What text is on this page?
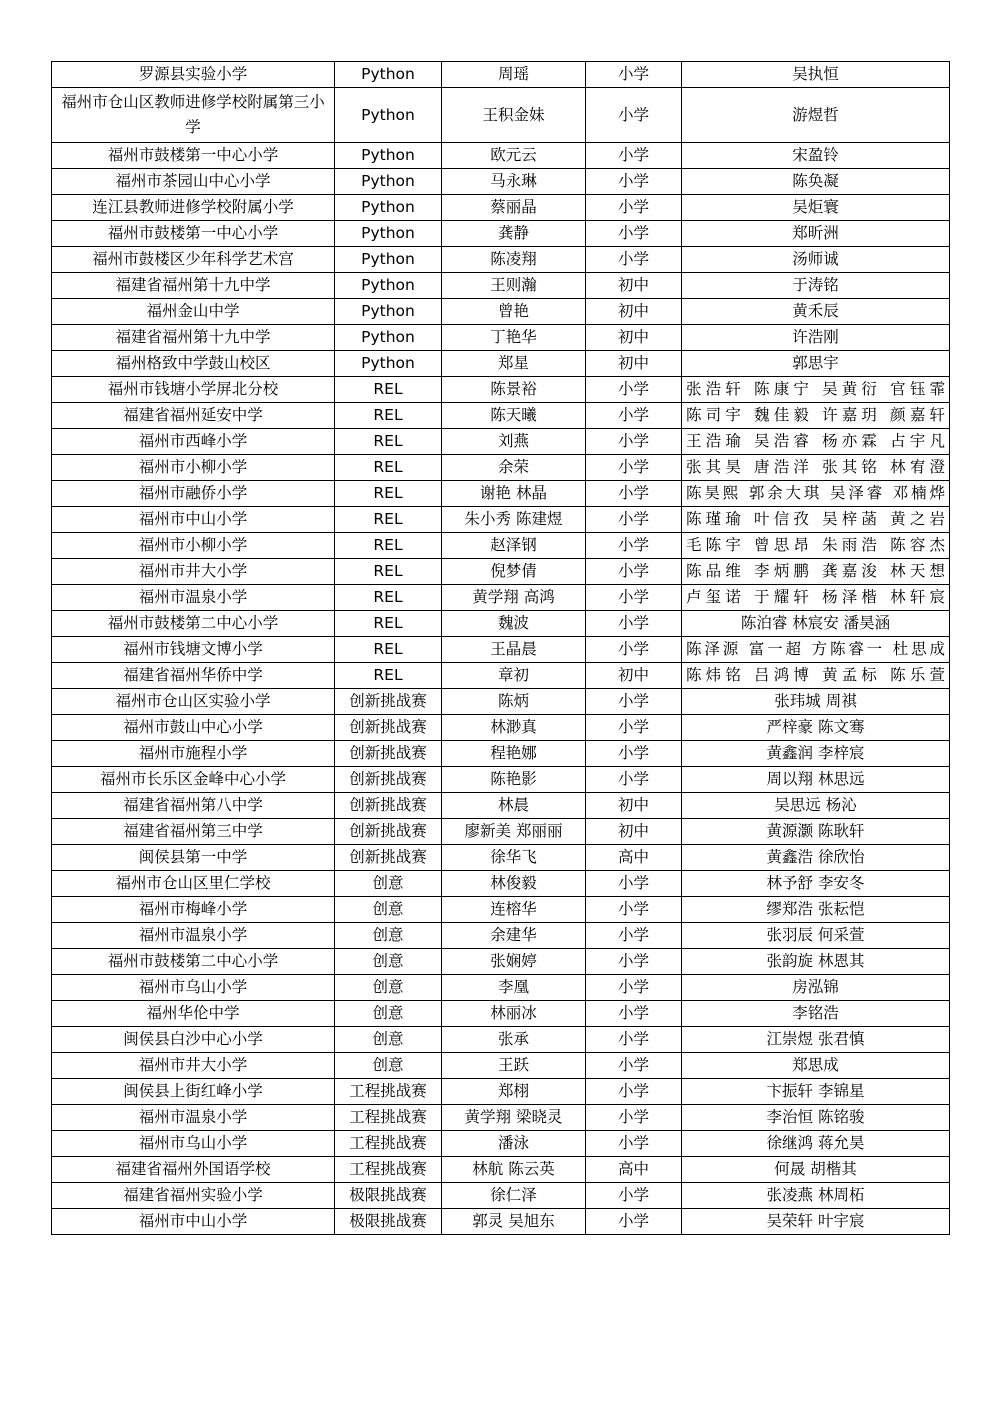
罗源县实验小学	Python	周瑶	小学	吴执恒
福州市仓山区教师进修学校附属第三小学	Python	王积金妹	小学	游煜哲
福州市鼓楼第一中心小学	Python	欧元云	小学	宋盈铃
福州市茶园山中心小学	Python	马永琳	小学	陈奂凝
连江县教师进修学校附属小学	Python	蔡丽晶	小学	吴炬寰
福州市鼓楼第一中心小学	Python	龚静	小学	郑昕洲
福州市鼓楼区少年科学艺术宫	Python	陈凌翔	小学	汤师诚
福建省福州第十九中学	Python	王则瀚	初中	于涛铭
福州金山中学	Python	曾艳	初中	黄禾辰
福建省福州第十九中学	Python	丁艳华	初中	许浩刚
福州格致中学鼓山校区	Python	郑星	初中	郭思宇
福州市钱塘小学屏北分校	REL	陈景裕	小学	张浩轩 陈康宁 吴黄衍 官钰霏
福建省福州延安中学	REL	陈天曦	小学	陈司宇 魏佳毅 许嘉玥 颜嘉轩
福州市西峰小学	REL	刘燕	小学	王浩瑜 吴浩睿 杨亦霖 占宇凡
福州市小柳小学	REL	余荣	小学	张其昊 唐浩洋 张其铭 林宥澄
福州市融侨小学	REL	谢艳 林晶	小学	陈昊熙 郭余大琪 吴泽睿 邓楠烨
福州市中山小学	REL	朱小秀 陈建煜	小学	陈瑾瑜 叶信孜 吴梓菡 黄之岩
福州市小柳小学	REL	赵泽钢	小学	毛陈宇 曾思昂 朱雨浩 陈容杰
福州市井大小学	REL	倪梦倩	小学	陈品维 李炳鹏 龚嘉浚 林天想
福州市温泉小学	REL	黄学翔 高鸿	小学	卢玺诺 于耀轩 杨泽楷 林轩宸
福州市鼓楼第二中心小学	REL	魏波	小学	陈泊睿 林宸安 潘昊涵
福州市钱塘文博小学	REL	王晶晨	小学	陈泽源 富一超 方陈睿一 杜思成
福建省福州华侨中学	REL	章初	初中	陈炜铭 吕鸿博 黄孟标 陈乐萱
福州市仓山区实验小学	创新挑战赛	陈炳	小学	张玮城 周祺
福州市鼓山中心小学	创新挑战赛	林渺真	小学	严梓豪 陈文骞
福州市施程小学	创新挑战赛	程艳娜	小学	黄鑫润 李梓宸
福州市长乐区金峰中心小学	创新挑战赛	陈艳影	小学	周以翔 林思远
福建省福州第八中学	创新挑战赛	林晨	初中	吴思远 杨沁
福建省福州第三中学	创新挑战赛	廖新美 郑丽丽	初中	黄源灏 陈耿轩
闽侯县第一中学	创新挑战赛	徐华飞	高中	黄鑫浩 徐欣怡
福州市仓山区里仁学校	创意	林俊毅	小学	林予舒 李安冬
福州市梅峰小学	创意	连榕华	小学	缪郑浩 张耘恺
福州市温泉小学	创意	余建华	小学	张羽辰 何采萱
福州市鼓楼第二中心小学	创意	张娴婷	小学	张韵旋 林恩其
福州市乌山小学	创意	李凰	小学	房泓锦
福州华伦中学	创意	林丽冰	小学	李铭浩
闽侯县白沙中心小学	创意	张承	小学	江崇煜 张君慎
福州市井大小学	创意	王跃	小学	郑思成
闽侯县上街红峰小学	工程挑战赛	郑栩	小学	卞振轩 李锦星
福州市温泉小学	工程挑战赛	黄学翔 梁晓灵	小学	李治恒 陈铭骏
福州市乌山小学	工程挑战赛	潘泳	小学	徐继鸿 蒋允昊
福建省福州外国语学校	工程挑战赛	林航 陈云英	高中	何晟 胡楷其
福建省福州实验小学	极限挑战赛	徐仁泽	小学	张凌燕 林周柘
福州市中山小学	极限挑战赛	郭灵 吴旭东	小学	吴荣轩 叶宇宸
